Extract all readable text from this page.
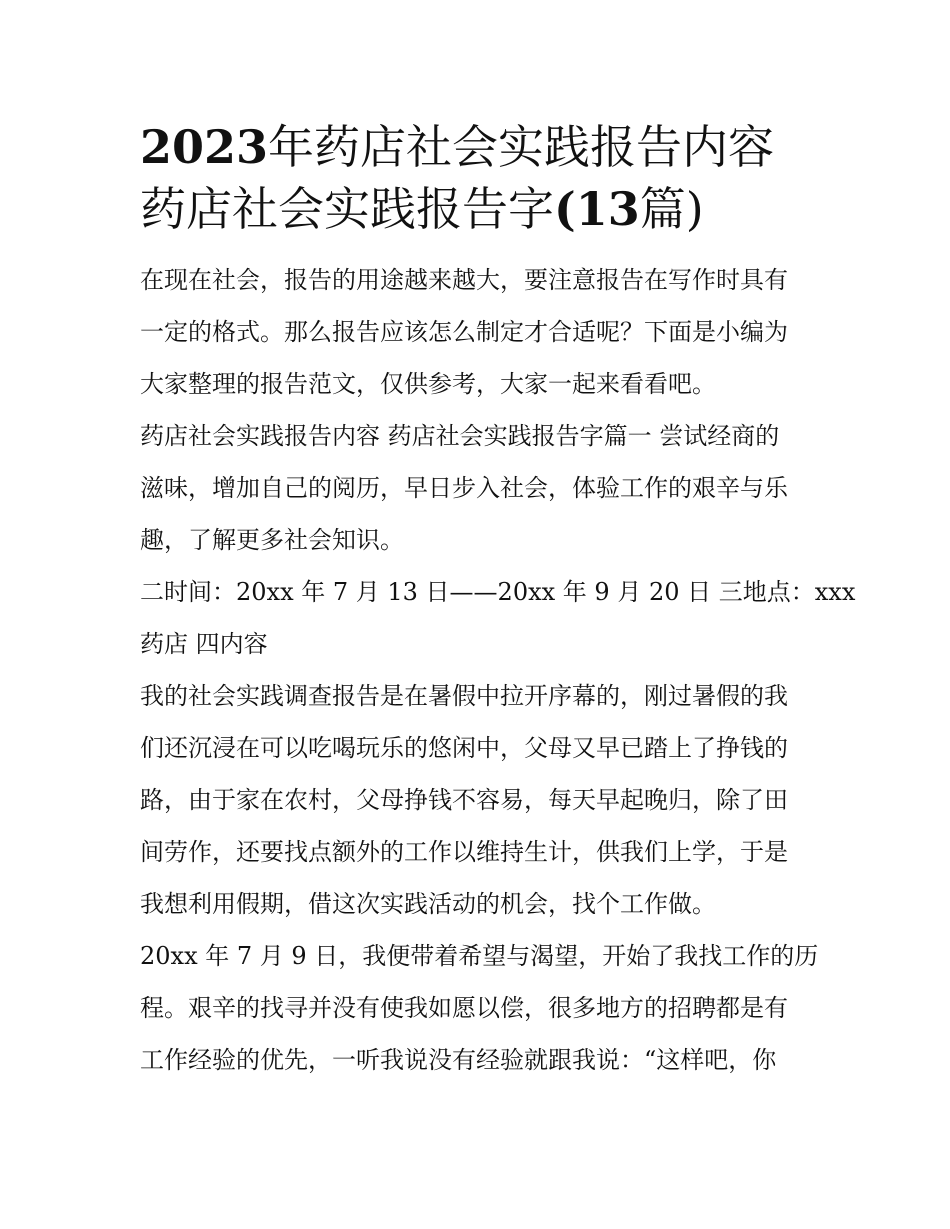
2023年药店社会实践报告内容
药店社会实践报告字(13篇)
在现在社会，报告的用途越来越大，要注意报告在写作时具有
一定的格式。那么报告应该怎么制定才合适呢？下面是小编为
大家整理的报告范文，仅供参考，大家一起来看看吧。
药店社会实践报告内容 药店社会实践报告字篇一 尝试经商的
滋味，增加自己的阅历，早日步入社会，体验工作的艰辛与乐
趣，了解更多社会知识。
二时间：20xx 年 7 月 13 日——20xx 年 9 月 20 日 三地点：xxx
药店 四内容
我的社会实践调查报告是在暑假中拉开序幕的，刚过暑假的我
们还沉浸在可以吃喝玩乐的悠闲中，父母又早已踏上了挣钱的
路，由于家在农村，父母挣钱不容易，每天早起晚归，除了田
间劳作，还要找点额外的工作以维持生计，供我们上学，于是
我想利用假期，借这次实践活动的机会，找个工作做。
20xx 年 7 月 9 日，我便带着希望与渴望，开始了我找工作的历
程。艰辛的找寻并没有使我如愿以偿，很多地方的招聘都是有
工作经验的优先，一听我说没有经验就跟我说：“这样吧，你
